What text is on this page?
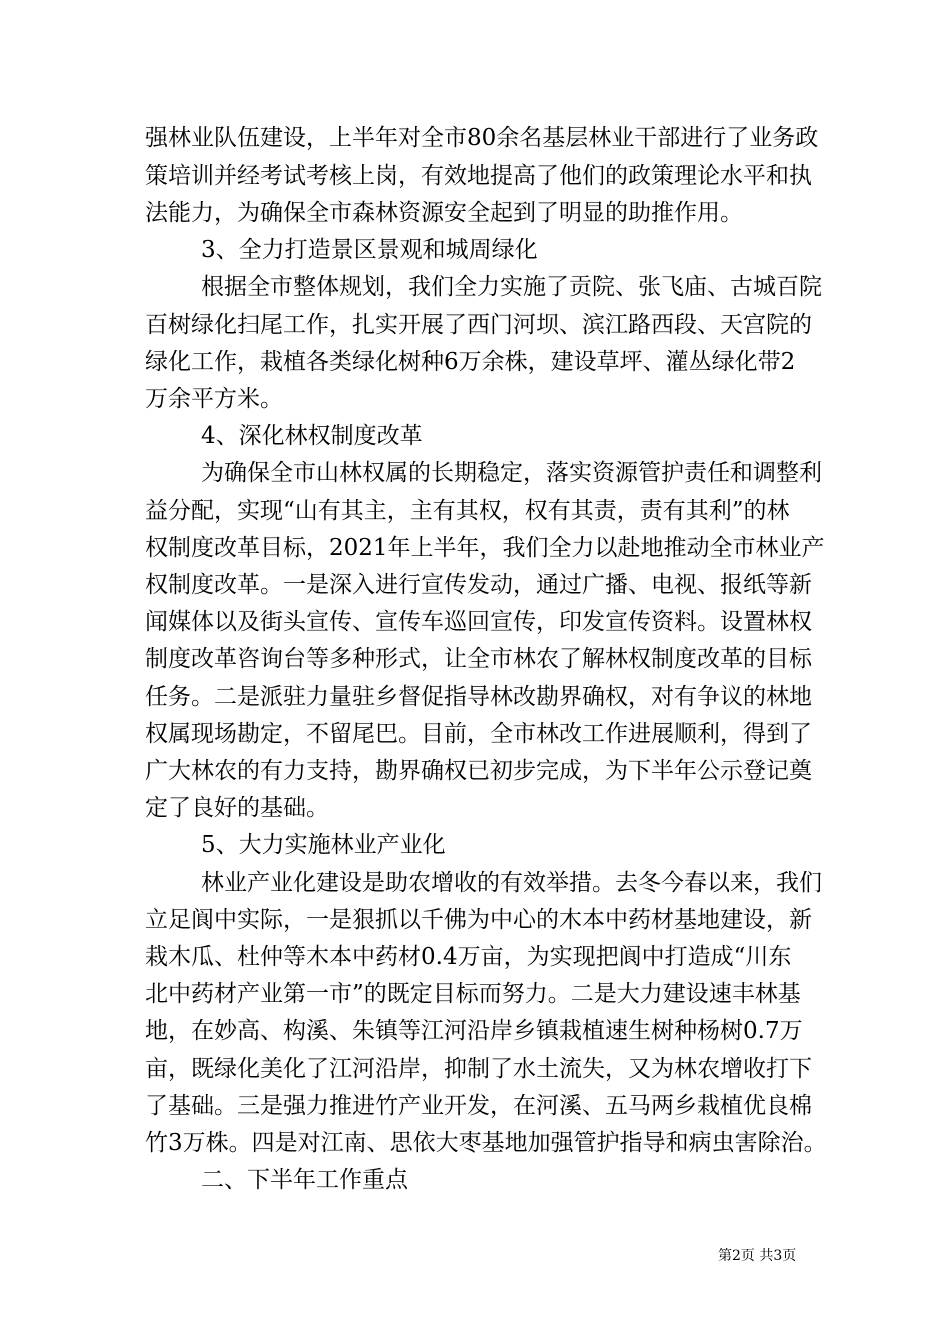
强林业队伍建设，上半年对全市80余名基层林业干部进行了业务政

策培训并经考试考核上岗，有效地提高了他们的政策理论水平和执

法能力，为确保全市森林资源安全起到了明显的助推作用。

3、全力打造景区景观和城周绿化

根据全市整体规划，我们全力实施了贡院、张飞庙、古城百院

百树绿化扫尾工作，扎实开展了西门河坝、滨江路西段、天宫院的

绿化工作，栽植各类绿化树种6万余株，建设草坪、灌丛绿化带2

万余平方米。

4、深化林权制度改革

为确保全市山林权属的长期稳定，落实资源管护责任和调整利

益分配，实现“山有其主，主有其权，权有其责，责有其利”的林

权制度改革目标，2021年上半年，我们全力以赴地推动全市林业产

权制度改革。一是深入进行宣传发动，通过广播、电视、报纸等新

闻媒体以及街头宣传、宣传车巡回宣传，印发宣传资料。设置林权

制度改革咨询台等多种形式，让全市林农了解林权制度改革的目标

任务。二是派驻力量驻乡督促指导林改勘界确权，对有争议的林地

权属现场勘定，不留尾巴。目前，全市林改工作进展顺利，得到了

广大林农的有力支持，勘界确权已初步完成，为下半年公示登记奠

定了良好的基础。

5、大力实施林业产业化

林业产业化建设是助农增收的有效举措。去冬今春以来，我们

立足阆中实际，一是狠抓以千佛为中心的木本中药材基地建设，新

栽木瓜、杜仲等木本中药材0.4万亩，为实现把阆中打造成“川东

北中药材产业第一市”的既定目标而努力。二是大力建设速丰林基

地，在妙高、构溪、朱镇等江河沿岸乡镇栽植速生树种杨树0.7万

亩，既绿化美化了江河沿岸，抑制了水土流失，又为林农增收打下

了基础。三是强力推进竹产业开发，在河溪、五马两乡栽植优良棉

竹3万株。四是对江南、思依大枣基地加强管护指导和病虫害除治。

二、下半年工作重点

第2页 共3页
